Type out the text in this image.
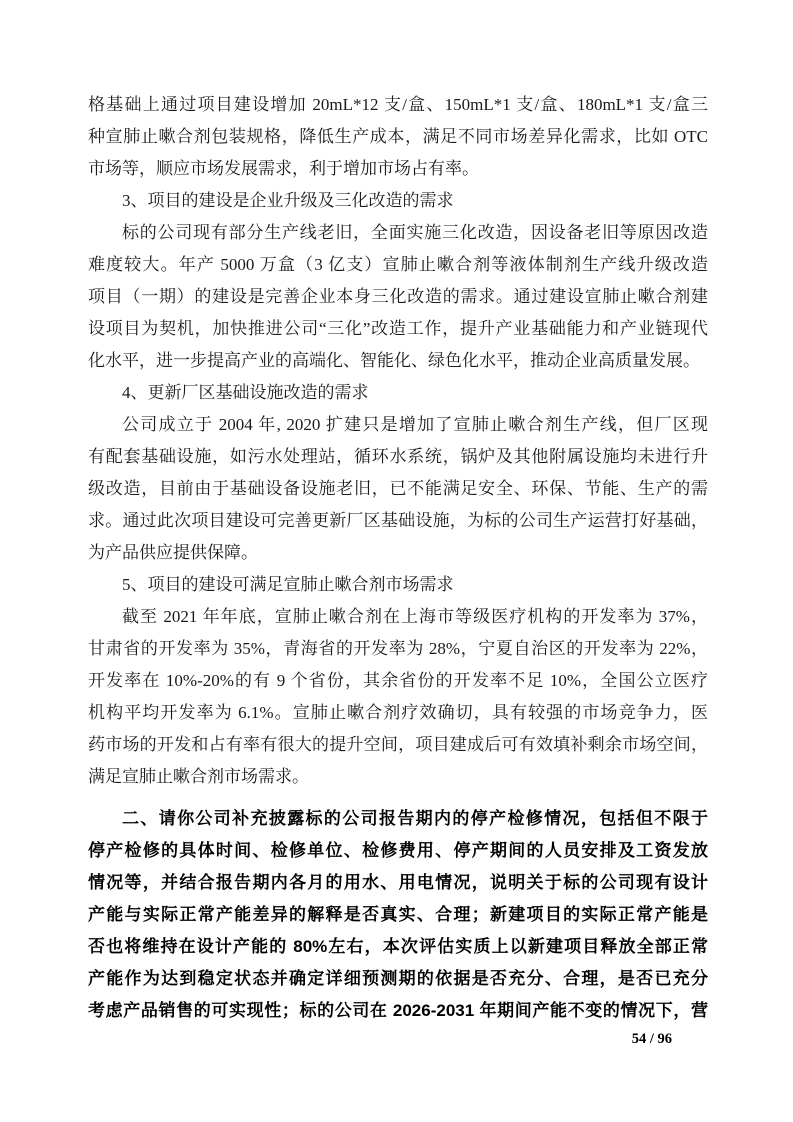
格基础上通过项目建设增加 20mL*12 支/盒、150mL*1 支/盒、180mL*1 支/盒三
种宣肺止嗽合剂包装规格，降低生产成本，满足不同市场差异化需求，比如 OTC
市场等，顺应市场发展需求，利于增加市场占有率。
3、项目的建设是企业升级及三化改造的需求
标的公司现有部分生产线老旧，全面实施三化改造，因设备老旧等原因改造
难度较大。年产 5000 万盒（3 亿支）宣肺止嗽合剂等液体制剂生产线升级改造
项目（一期）的建设是完善企业本身三化改造的需求。通过建设宣肺止嗽合剂建
设项目为契机，加快推进公司“三化”改造工作，提升产业基础能力和产业链现代
化水平，进一步提高产业的高端化、智能化、绿色化水平，推动企业高质量发展。
4、更新厂区基础设施改造的需求
公司成立于 2004 年, 2020 扩建只是增加了宣肺止嗽合剂生产线，但厂区现
有配套基础设施，如污水处理站，循环水系统，锅炉及其他附属设施均未进行升
级改造，目前由于基础设备设施老旧，已不能满足安全、环保、节能、生产的需
求。通过此次项目建设可完善更新厂区基础设施，为标的公司生产运营打好基础，
为产品供应提供保障。
5、项目的建设可满足宣肺止嗽合剂市场需求
截至 2021 年年底，宣肺止嗽合剂在上海市等级医疗机构的开发率为 37%，
甘肃省的开发率为 35%，青海省的开发率为 28%，宁夏自治区的开发率为 22%，
开发率在 10%-20%的有 9 个省份，其余省份的开发率不足 10%，全国公立医疗
机构平均开发率为 6.1%。宣肺止嗽合剂疗效确切，具有较强的市场竞争力，医
药市场的开发和占有率有很大的提升空间，项目建成后可有效填补剩余市场空间，
满足宣肺止嗽合剂市场需求。
二、请你公司补充披露标的公司报告期内的停产检修情况，包括但不限于
停产检修的具体时间、检修单位、检修费用、停产期间的人员安排及工资发放
情况等，并结合报告期内各月的用水、用电情况，说明关于标的公司现有设计
产能与实际正常产能差异的解释是否真实、合理；新建项目的实际正常产能是
否也将维持在设计产能的 80%左右，本次评估实质上以新建项目释放全部正常
产能作为达到稳定状态并确定详细预测期的依据是否充分、合理，是否已充分
考虑产品销售的可实现性；标的公司在 2026-2031 年期间产能不变的情况下，营
54 / 96
